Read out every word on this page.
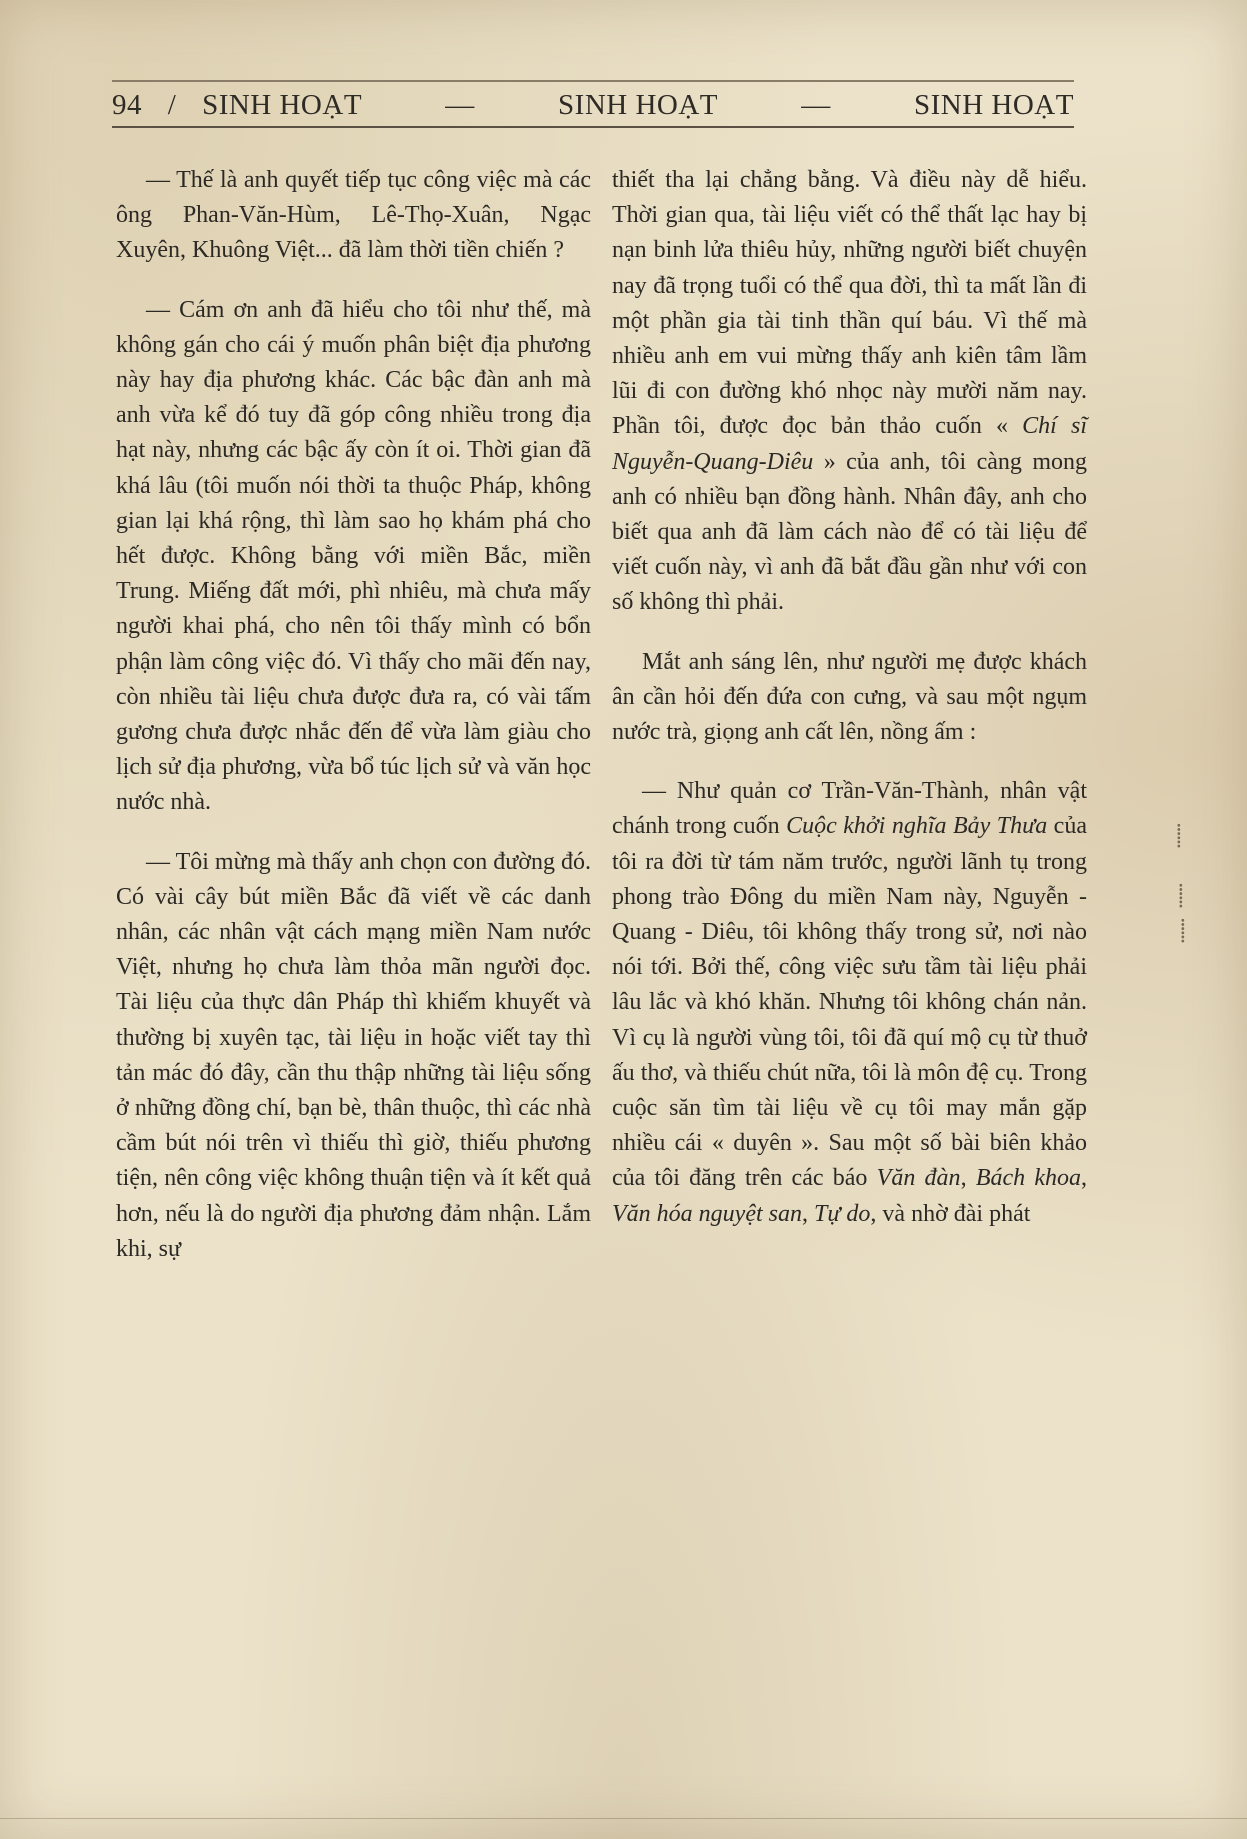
94 / SINH HOẠT	—	SINH HOẠT	—	SINH HOẠT

— Thế là anh quyết tiếp tục công việc mà các ông Phan-Văn-Hùm, Lê-Thọ-Xuân, Ngạc Xuyên, Khuông Việt... đã làm thời tiền chiến ?

— Cám ơn anh đã hiểu cho tôi như thế, mà không gán cho cái ý muốn phân biệt địa phương này hay địa phương khác. Các bậc đàn anh mà anh vừa kể đó tuy đã góp công nhiều trong địa hạt này, nhưng các bậc ấy còn ít oi. Thời gian đã khá lâu (tôi muốn nói thời ta thuộc Pháp, không gian lại khá rộng, thì làm sao họ khám phá cho hết được. Không bằng với miền Bắc, miền Trung. Miếng đất mới, phì nhiêu, mà chưa mấy người khai phá, cho nên tôi thấy mình có bổn phận làm công việc đó. Vì thấy cho mãi đến nay, còn nhiều tài liệu chưa được đưa ra, có vài tấm gương chưa được nhắc đến để vừa làm giàu cho lịch sử địa phương, vừa bổ túc lịch sử và văn học nước nhà.

— Tôi mừng mà thấy anh chọn con đường đó. Có vài cây bút miền Bắc đã viết về các danh nhân, các nhân vật cách mạng miền Nam nước Việt, nhưng họ chưa làm thỏa mãn người đọc. Tài liệu của thực dân Pháp thì khiếm khuyết và thường bị xuyên tạc, tài liệu in hoặc viết tay thì tản mác đó đây, cần thu thập những tài liệu sống ở những đồng chí, bạn bè, thân thuộc, thì các nhà cầm bút nói trên vì thiếu thì giờ, thiếu phương tiện, nên công việc không thuận tiện và ít kết quả hơn, nếu là do người địa phương đảm nhận. Lắm khi, sự

thiết tha lại chẳng bằng. Và điều này dễ hiểu. Thời gian qua, tài liệu viết có thể thất lạc hay bị nạn binh lửa thiêu hủy, những người biết chuyện nay đã trọng tuổi có thể qua đời, thì ta mất lần đi một phần gia tài tinh thần quí báu. Vì thế mà nhiều anh em vui mừng thấy anh kiên tâm lầm lũi đi con đường khó nhọc này mười năm nay. Phần tôi, được đọc bản thảo cuốn « Chí sĩ Nguyễn-Quang-Diêu » của anh, tôi càng mong anh có nhiều bạn đồng hành. Nhân đây, anh cho biết qua anh đã làm cách nào để có tài liệu để viết cuốn này, vì anh đã bắt đầu gần như với con số không thì phải.

Mắt anh sáng lên, như người mẹ được khách ân cần hỏi đến đứa con cưng, và sau một ngụm nước trà, giọng anh cất lên, nồng ấm :

— Như quản cơ Trần-Văn-Thành, nhân vật chánh trong cuốn Cuộc khởi nghĩa Bảy Thưa của tôi ra đời từ tám năm trước, người lãnh tụ trong phong trào Đông du miền Nam này, Nguyễn - Quang - Diêu, tôi không thấy trong sử, nơi nào nói tới. Bởi thế, công việc sưu tầm tài liệu phải lâu lắc và khó khăn. Nhưng tôi không chán nản. Vì cụ là người vùng tôi, tôi đã quí mộ cụ từ thuở ấu thơ, và thiếu chút nữa, tôi là môn đệ cụ. Trong cuộc săn tìm tài liệu về cụ tôi may mắn gặp nhiều cái « duyên ». Sau một số bài biên khảo của tôi đăng trên các báo Văn đàn, Bách khoa, Văn hóa nguyệt san, Tự do, và nhờ đài phát

⸽
⸽
⸽
